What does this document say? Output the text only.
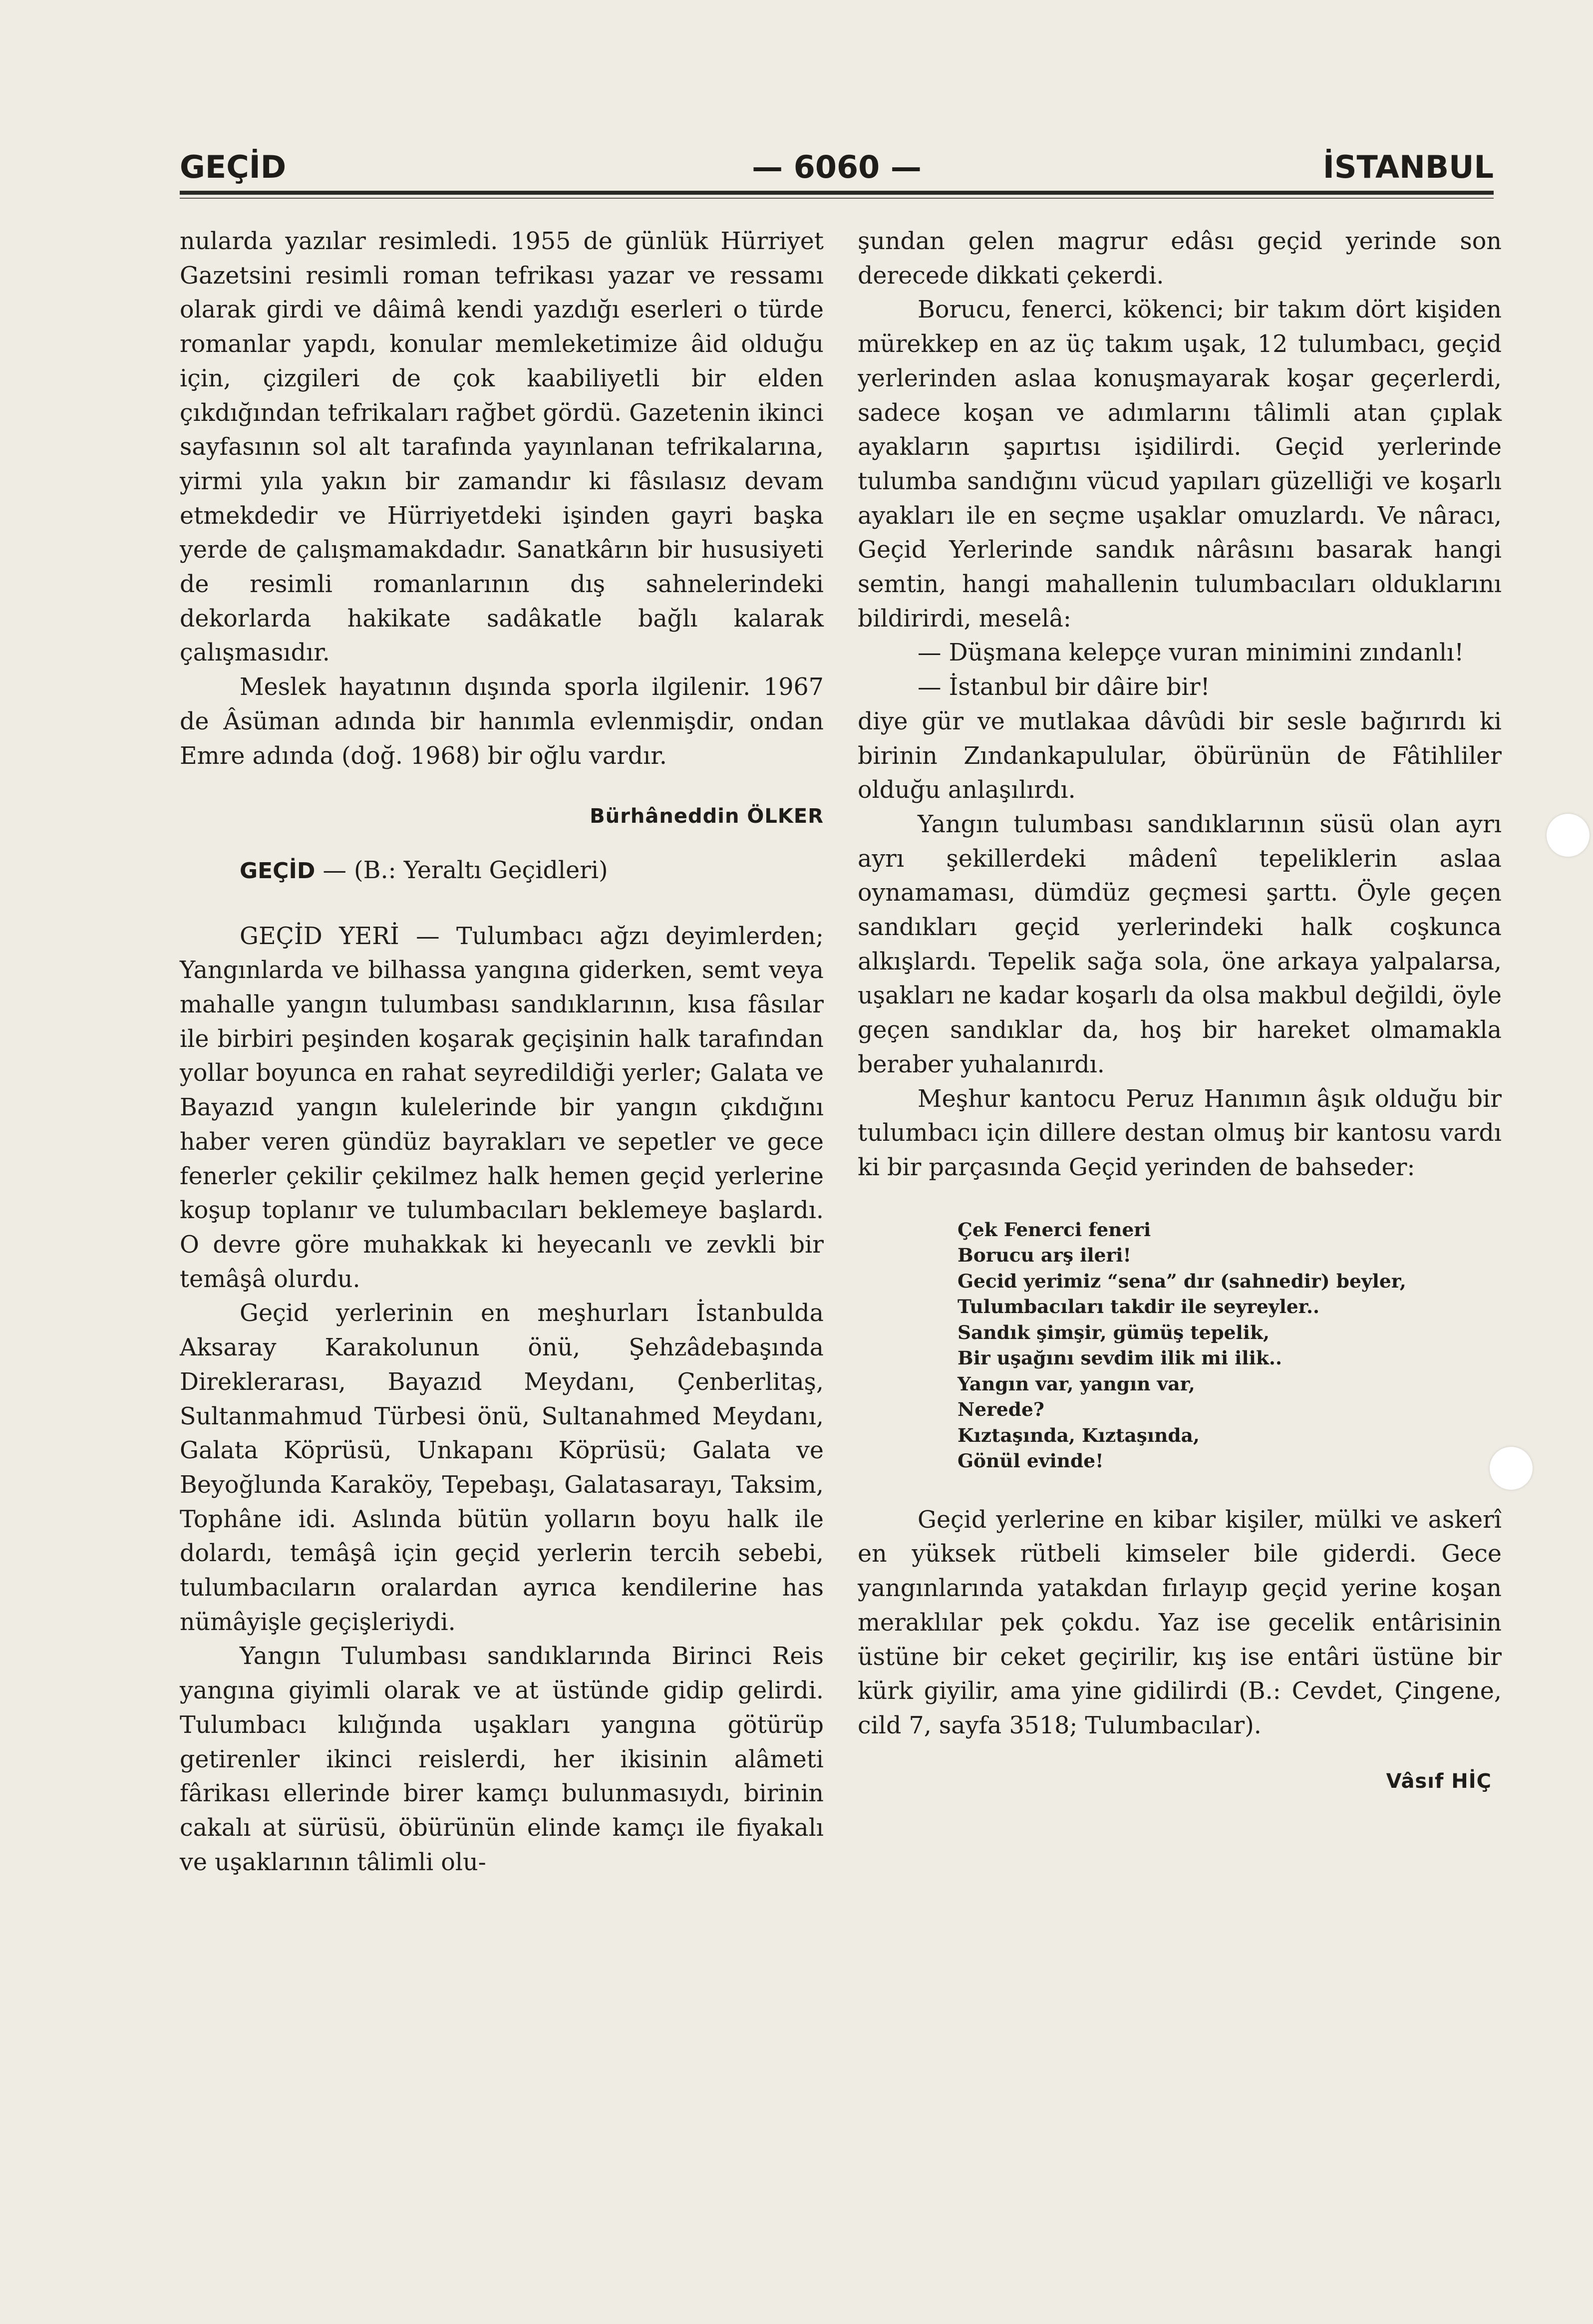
GEÇİD	— 6060 —	İSTANBUL

nularda yazılar resimledi. 1955 de günlük Hürriyet Gazetsini resimli roman tefrikası yazar ve ressamı olarak girdi ve dâimâ kendi yazdığı eserleri o türde romanlar yapdı, konular memleketimize âid olduğu için, çizgileri de çok kaabiliyetli bir elden çıkdığından tefrikaları rağbet gördü. Gazetenin ikinci sayfasının sol alt tarafında yayınlanan tefrikalarına, yirmi yıla yakın bir zamandır ki fâsılasız devam etmekdedir ve Hürriyetdeki işinden gayri başka yerde de çalışmamakdadır. Sanatkârın bir hususiyeti de resimli romanlarının dış sahnelerindeki dekorlarda hakikate sadâkatle bağlı kalarak çalışmasıdır.

Meslek hayatının dışında sporla ilgilenir. 1967 de Âsüman adında bir hanımla evlenmişdir, ondan Emre adında (doğ. 1968) bir oğlu vardır.

Bürhâneddin ÖLKER

GEÇİD — (B.: Yeraltı Geçidleri)

GEÇİD YERİ — Tulumbacı ağzı deyimlerden; Yangınlarda ve bilhassa yangına giderken, semt veya mahalle yangın tulumbası sandıklarının, kısa fâsılar ile birbiri peşinden koşarak geçişinin halk tarafından yollar boyunca en rahat seyredildiği yerler; Galata ve Bayazıd yangın kulelerinde bir yangın çıkdığını haber veren gündüz bayrakları ve sepetler ve gece fenerler çekilir çekilmez halk hemen geçid yerlerine koşup toplanır ve tulumbacıları beklemeye başlardı. O devre göre muhakkak ki heyecanlı ve zevkli bir temâşâ olurdu.

Geçid yerlerinin en meşhurları İstanbulda Aksaray Karakolunun önü, Şehzâdebaşında Direklerarası, Bayazıd Meydanı, Çenberlitaş, Sultanmahmud Türbesi önü, Sultanahmed Meydanı, Galata Köprüsü, Unkapanı Köprüsü; Galata ve Beyoğlunda Karaköy, Tepebaşı, Galatasarayı, Taksim, Tophâne idi. Aslında bütün yolların boyu halk ile dolardı, temâşâ için geçid yerlerin tercih sebebi, tulumbacıların oralardan ayrıca kendilerine has nümâyişle geçişleriydi.

Yangın Tulumbası sandıklarında Birinci Reis yangına giyimli olarak ve at üstünde gidip gelirdi. Tulumbacı kılığında uşakları yangına götürüp getirenler ikinci reislerdi, her ikisinin alâmeti fârikası ellerinde birer kamçı bulunmasıydı, birinin cakalı at sürüsü, öbürünün elinde kamçı ile fiyakalı ve uşaklarının tâlimli olu-

şundan gelen magrur edâsı geçid yerinde son derecede dikkati çekerdi.

Borucu, fenerci, kökenci; bir takım dört kişiden mürekkep en az üç takım uşak, 12 tulumbacı, geçid yerlerinden aslaa konuşmayarak koşar geçerlerdi, sadece koşan ve adımlarını tâlimli atan çıplak ayakların şapırtısı işidilirdi. Geçid yerlerinde tulumba sandığını vücud yapıları güzelliği ve koşarlı ayakları ile en seçme uşaklar omuzlardı. Ve nâracı, Geçid Yerlerinde sandık nârâsını basarak hangi semtin, hangi mahallenin tulumbacıları olduklarını bildirirdi, meselâ:

— Düşmana kelepçe vuran minimini zındanlı!

— İstanbul bir dâire bir!

diye gür ve mutlakaa dâvûdi bir sesle bağırırdı ki birinin Zındankapulular, öbürünün de Fâtihliler olduğu anlaşılırdı.

Yangın tulumbası sandıklarının süsü olan ayrı ayrı şekillerdeki mâdenî tepeliklerin aslaa oynamaması, dümdüz geçmesi şarttı. Öyle geçen sandıkları geçid yerlerindeki halk coşkunca alkışlardı. Tepelik sağa sola, öne arkaya yalpalarsa, uşakları ne kadar koşarlı da olsa makbul değildi, öyle geçen sandıklar da, hoş bir hareket olmamakla beraber yuhalanırdı.

Meşhur kantocu Peruz Hanımın âşık olduğu bir tulumbacı için dillere destan olmuş bir kantosu vardı ki bir parçasında Geçid yerinden de bahseder:

Çek Fenerci feneri
Borucu arş ileri!
Gecid yerimiz “sena” dır (sahnedir) beyler,
Tulumbacıları takdir ile seyreyler..
Sandık şimşir, gümüş tepelik,
Bir uşağını sevdim ilik mi ilik..
Yangın var, yangın var,
Nerede?
Kıztaşında, Kıztaşında,
Gönül evinde!

Geçid yerlerine en kibar kişiler, mülki ve askerî en yüksek rütbeli kimseler bile giderdi. Gece yangınlarında yatakdan fırlayıp geçid yerine koşan meraklılar pek çokdu. Yaz ise gecelik entârisinin üstüne bir ceket geçirilir, kış ise entâri üstüne bir kürk giyilir, ama yine gidilirdi (B.: Cevdet, Çingene, cild 7, sayfa 3518; Tulumbacılar).

Vâsıf HİÇ
